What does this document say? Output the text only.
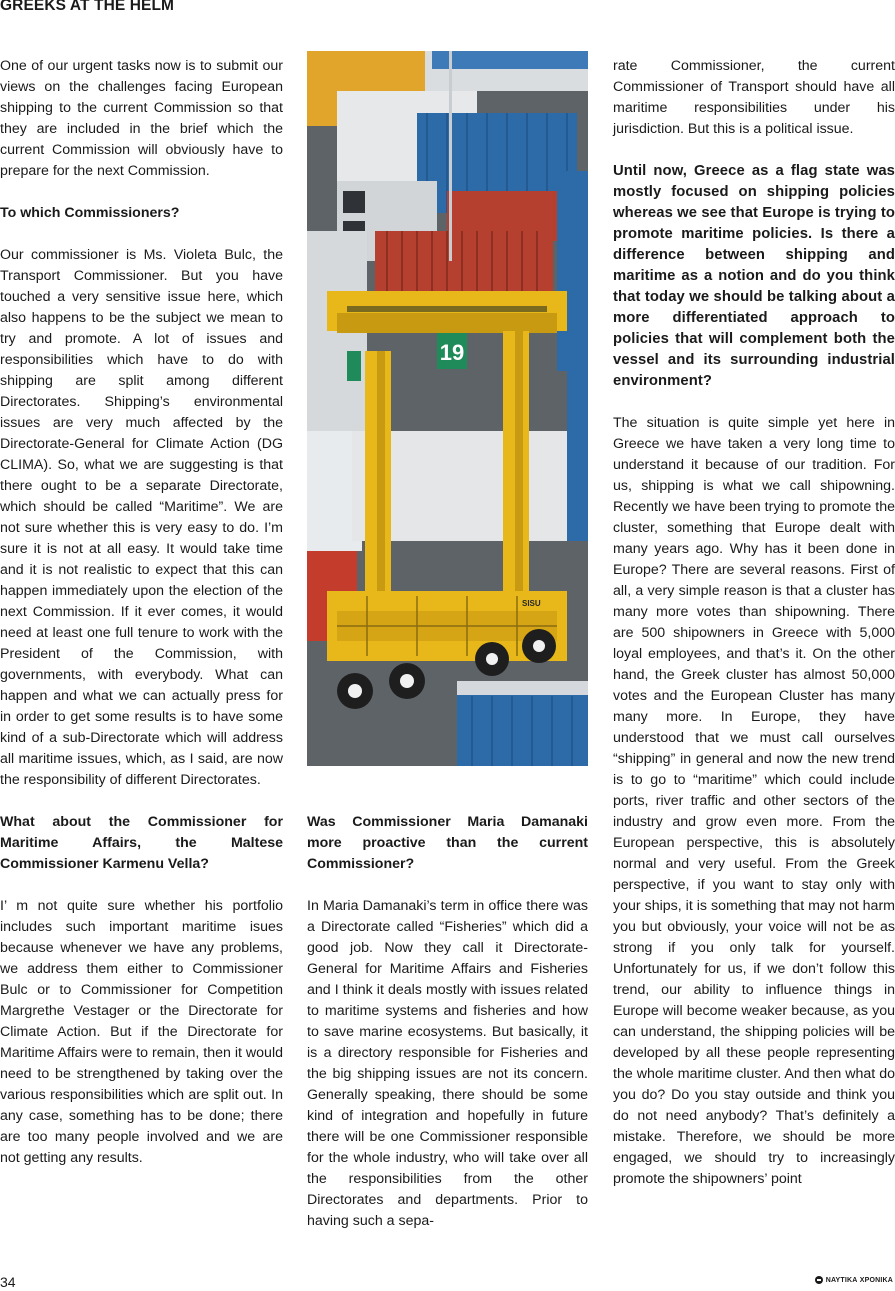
GREEKS AT THE HELM

One of our urgent tasks now is to submit our views on the challenges facing European shipping to the current Commission so that they are included in the brief which the current Commission will obviously have to prepare for the next Commission.

To which Commissioners?

Our commissioner is Ms. Violeta Bulc, the Transport Commissioner. But you have touched a very sensitive issue here, which also happens to be the subject we mean to try and promote. A lot of issues and responsibilities which have to do with shipping are split among different Directorates. Shipping’s environmental issues are very much affected by the Directorate-General for Climate Action (DG CLIMA). So, what we are suggesting is that there ought to be a separate Directorate, which should be called “Maritime”. We are not sure whether this is very easy to do. I’m sure it is not at all easy. It would take time and it is not realistic to expect that this can happen immediately upon the election of the next Commission. If it ever comes, it would need at least one full tenure to work with the President of the Commission, with governments, with everybody. What can happen and what we can actually press for in order to get some results is to have some kind of a sub-Directorate which will address all maritime issues, which, as I said, are now the responsibility of different Directorates.

What about the Commissioner for Maritime Affairs, the Maltese Commissioner Karmenu Vella?

I’ m not quite sure whether his portfolio includes such important maritime isues because whenever we have any problems, we address them either to Commissioner Bulc or to Commissioner for Competition Margrethe Vestager or the Directorate for Climate Action. But if the Directorate for Maritime Affairs were to remain, then it would need to be strengthened by taking over the various responsibilities which are split out. In any case, something has to be done; there are too many people involved and we are not getting any results.

19
SISU

Was Commissioner Maria Damanaki more proactive than the current Commissioner?

In Maria Damanaki’s term in office there was a Directorate called “Fisheries” which did a good job. Now they call it Directorate-General for Maritime Affairs and Fisheries and I think it deals mostly with issues related to maritime systems and fisheries and how to save marine ecosystems. But basically, it is a directory responsible for Fisheries and the big shipping issues are not its concern. Generally speaking, there should be some kind of integration and hopefully in future there will be one Commissioner responsible for the whole industry, who will take over all the responsibilities from the other Directorates and departments. Prior to having such a sepa-

rate Commissioner, the current Commissioner of Transport should have all maritime responsibilities under his jurisdiction. But this is a political issue.

Until now, Greece as a flag state was mostly focused on shipping policies whereas we see that Europe is trying to promote maritime policies. Is there a difference between shipping and maritime as a notion and do you think that today we should be talking about a more differentiated approach to policies that will complement both the vessel and its surrounding industrial environment?

The situation is quite simple yet here in Greece we have taken a very long time to understand it because of our tradition. For us, shipping is what we call shipowning. Recently we have been trying to promote the cluster, something that Europe dealt with many years ago. Why has it been done in Europe? There are several reasons. First of all, a very simple reason is that a cluster has many more votes than shipowning. There are 500 shipowners in Greece with 5,000 loyal employees, and that’s it. On the other hand, the Greek cluster has almost 50,000 votes and the European Cluster has many many more. In Europe, they have understood that we must call ourselves “shipping” in general and now the new trend is to go to “maritime” which could include ports, river traffic and other sectors of the industry and grow even more. From the European perspective, this is absolutely normal and very useful. From the Greek perspective, if you want to stay only with your ships, it is something that may not harm you but obviously, your voice will not be as strong if you only talk for yourself. Unfortunately for us, if we don’t follow this trend, our ability to influence things in Europe will become weaker because, as you can understand, the shipping policies will be developed by all these people representing the whole maritime cluster. And then what do you do? Do you stay outside and think you do not need anybody? That’s definitely a mistake. Therefore, we should be more engaged, we should try to increasingly promote the shipowners’ point

34	ΝΑΥΤΙΚΑ ΧΡΟΝΙΚΑ
